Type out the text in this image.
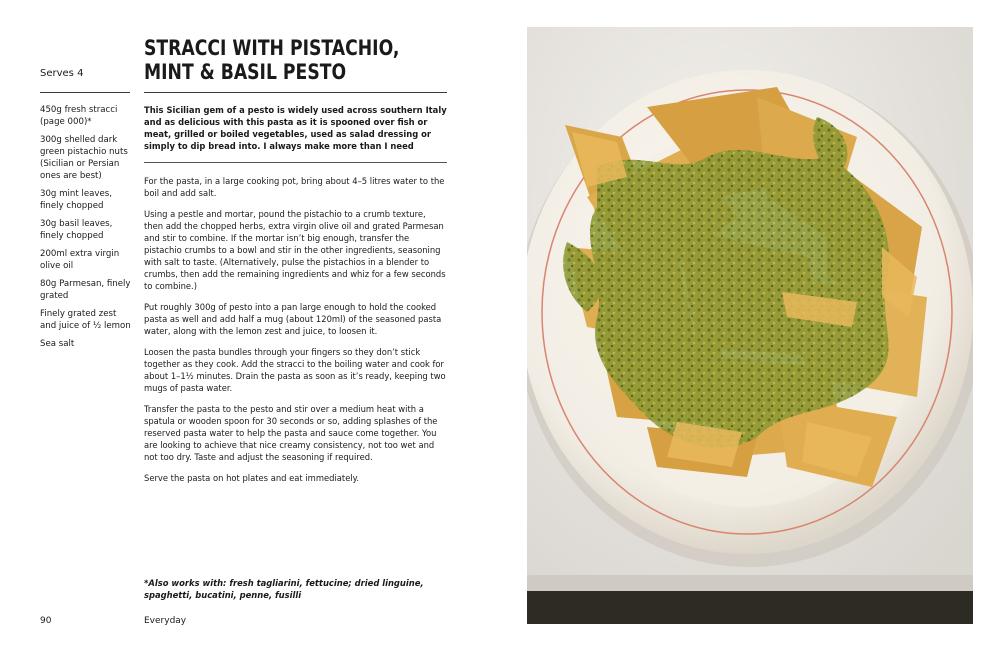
STRACCI WITH PISTACHIO,
MINT & BASIL PESTO
Serves 4
450g fresh stracci (page 000)*
300g shelled dark green pistachio nuts (Sicilian or Persian ones are best)
30g mint leaves, finely chopped
30g basil leaves, finely chopped
200ml extra virgin olive oil
80g Parmesan, finely grated
Finely grated zest and juice of ½ lemon
Sea salt
This Sicilian gem of a pesto is widely used across southern Italy and as delicious with this pasta as it is spooned over fish or meat, grilled or boiled vegetables, used as salad dressing or simply to dip bread into. I always make more than I need

For the pasta, in a large cooking pot, bring about 4–5 litres water to the boil and add salt.

Using a pestle and mortar, pound the pistachio to a crumb texture, then add the chopped herbs, extra virgin olive oil and grated Parmesan and stir to combine. If the mortar isn’t big enough, transfer the pistachio crumbs to a bowl and stir in the other ingredients, seasoning with salt to taste. (Alternatively, pulse the pistachios in a blender to crumbs, then add the remaining ingredients and whiz for a few seconds to combine.)

Put roughly 300g of pesto into a pan large enough to hold the cooked pasta as well and add half a mug (about 120ml) of the seasoned pasta water, along with the lemon zest and juice, to loosen it.

Loosen the pasta bundles through your fingers so they don’t stick together as they cook. Add the stracci to the boiling water and cook for about 1–1½ minutes. Drain the pasta as soon as it’s ready, keeping two mugs of pasta water.

Transfer the pasta to the pesto and stir over a medium heat with a spatula or wooden spoon for 30 seconds or so, adding splashes of the reserved pasta water to help the pasta and sauce come together. You are looking to achieve that nice creamy consistency, not too wet and not too dry. Taste and adjust the seasoning if required.

Serve the pasta on hot plates and eat immediately.

*Also works with: fresh tagliarini, fettucine; dried linguine, spaghetti, bucatini, penne, fusilli
90	Everyday
